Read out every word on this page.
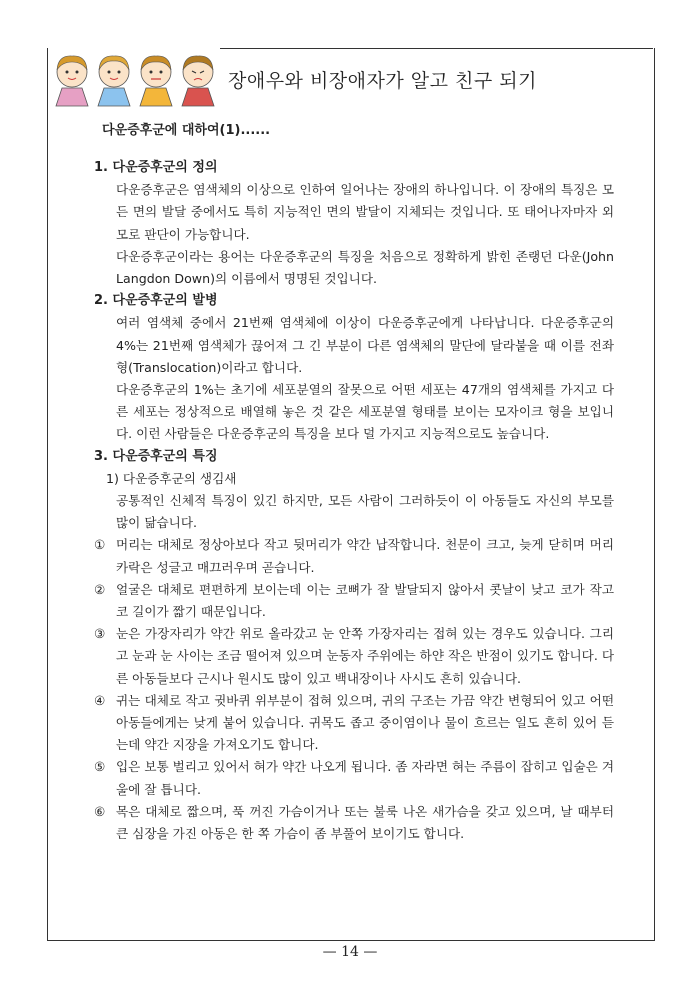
장애우와 비장애자가 알고 친구 되기
다운증후군에 대하여(1)......

1. 다운증후군의 정의

다운증후군은 염색체의 이상으로 인하여 일어나는 장애의 하나입니다. 이 장애의 특징은 모든 면의 발달 중에서도 특히 지능적인 면의 발달이 지체되는 것입니다. 또 태어나자마자 외모로 판단이 가능합니다.

다운증후군이라는 용어는 다운증후군의 특징을 처음으로 정확하게 밝힌 존랭던 다운(John Langdon Down)의 이름에서 명명된 것입니다.

2. 다운증후군의 발병

여러 염색체 중에서 21번째 염색체에 이상이 다운증후군에게 나타납니다. 다운증후군의 4%는 21번째 염색체가 끊어져 그 긴 부분이 다른 염색체의 말단에 달라붙을 때 이를 전좌형(Translocation)이라고 합니다.

다운증후군의 1%는 초기에 세포분열의 잘못으로 어떤 세포는 47개의 염색체를 가지고 다른 세포는 정상적으로 배열해 놓은 것 같은 세포분열 형태를 보이는 모자이크 형을 보입니다. 이런 사람들은 다운증후군의 특징을 보다 덜 가지고 지능적으로도 높습니다.

3. 다운증후군의 특징

1) 다운증후군의 생김새

공통적인 신체적 특징이 있긴 하지만, 모든 사람이 그러하듯이 이 아동들도 자신의 부모를 많이 닮습니다.

① 머리는 대체로 정상아보다 작고 뒷머리가 약간 납작합니다. 천문이 크고, 늦게 닫히며 머리카락은 성글고 매끄러우며 곧습니다.

② 얼굴은 대체로 편편하게 보이는데 이는 코뼈가 잘 발달되지 않아서 콧날이 낮고 코가 작고 코 길이가 짧기 때문입니다.

③ 눈은 가장자리가 약간 위로 올라갔고 눈 안쪽 가장자리는 접혀 있는 경우도 있습니다. 그리고 눈과 눈 사이는 조금 떨어져 있으며 눈동자 주위에는 하얀 작은 반점이 있기도 합니다. 다른 아동들보다 근시나 원시도 많이 있고 백내장이나 사시도 흔히 있습니다.

④ 귀는 대체로 작고 귓바퀴 위부분이 접혀 있으며, 귀의 구조는 가끔 약간 변형되어 있고 어떤 아동들에게는 낮게 붙어 있습니다. 귀목도 좁고 중이염이나 물이 흐르는 일도 흔히 있어 듣는데 약간 지장을 가져오기도 합니다.

⑤ 입은 보통 벌리고 있어서 혀가 약간 나오게 됩니다. 좀 자라면 혀는 주름이 잡히고 입술은 겨울에 잘 틉니다.

⑥ 목은 대체로 짧으며, 푹 꺼진 가슴이거나 또는 불룩 나온 새가슴을 갖고 있으며, 날 때부터 큰 심장을 가진 아동은 한 쪽 가슴이 좀 부풀어 보이기도 합니다.

— 14 —
